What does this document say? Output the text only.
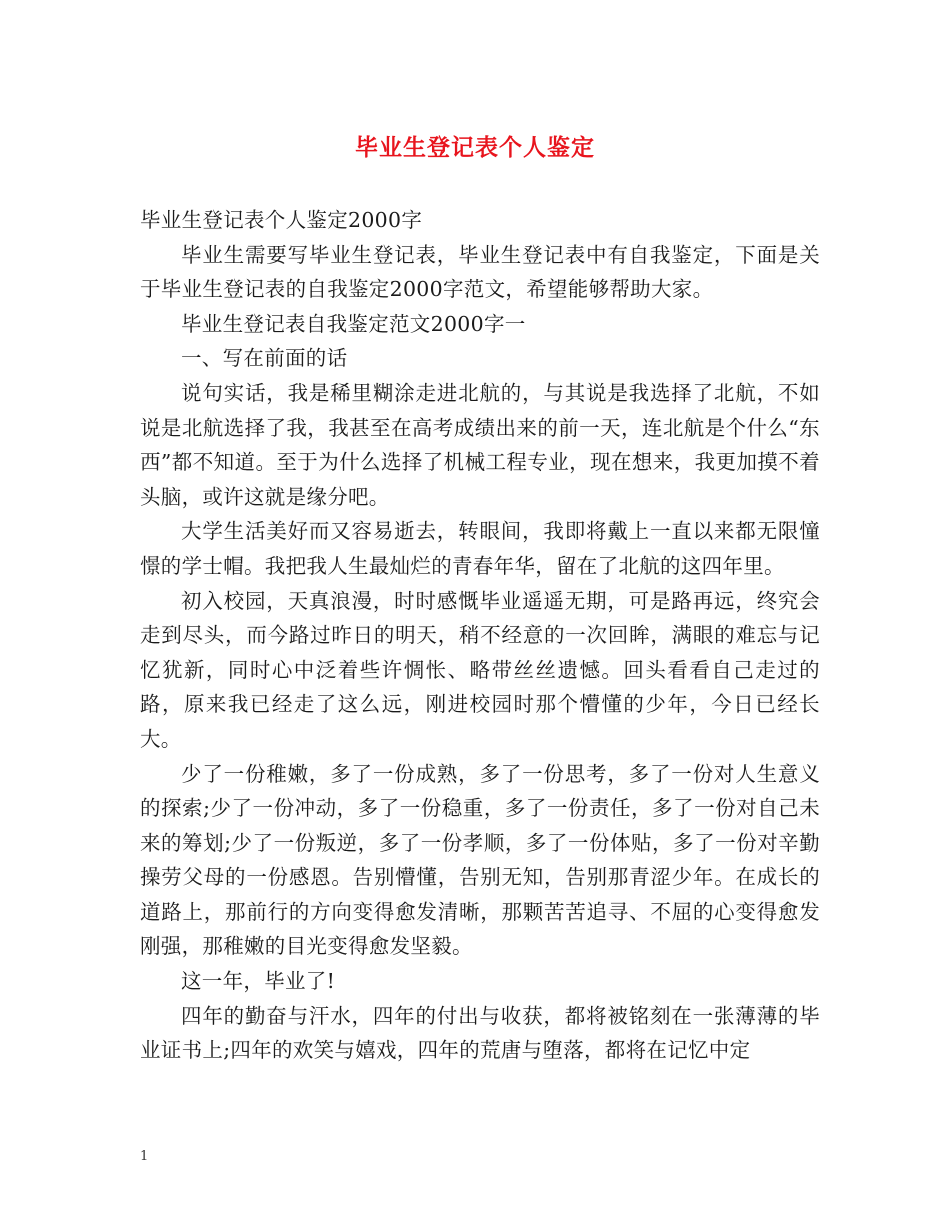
毕业生登记表个人鉴定

毕业生登记表个人鉴定2000字

毕业生需要写毕业生登记表，毕业生登记表中有自我鉴定，下面是关于毕业生登记表的自我鉴定2000字范文，希望能够帮助大家。

毕业生登记表自我鉴定范文2000字一

一、写在前面的话

说句实话，我是稀里糊涂走进北航的，与其说是我选择了北航，不如说是北航选择了我，我甚至在高考成绩出来的前一天，连北航是个什么“东西”都不知道。至于为什么选择了机械工程专业，现在想来，我更加摸不着头脑，或许这就是缘分吧。

大学生活美好而又容易逝去，转眼间，我即将戴上一直以来都无限憧憬的学士帽。我把我人生最灿烂的青春年华，留在了北航的这四年里。

初入校园，天真浪漫，时时感慨毕业遥遥无期，可是路再远，终究会走到尽头，而今路过昨日的明天，稍不经意的一次回眸，满眼的难忘与记忆犹新，同时心中泛着些许惆怅、略带丝丝遗憾。回头看看自己走过的路，原来我已经走了这么远，刚进校园时那个懵懂的少年，今日已经长大。

少了一份稚嫩，多了一份成熟，多了一份思考，多了一份对人生意义的探索;少了一份冲动，多了一份稳重，多了一份责任，多了一份对自己未来的筹划;少了一份叛逆，多了一份孝顺，多了一份体贴，多了一份对辛勤操劳父母的一份感恩。告别懵懂，告别无知，告别那青涩少年。在成长的道路上，那前行的方向变得愈发清晰，那颗苦苦追寻、不屈的心变得愈发刚强，那稚嫩的目光变得愈发坚毅。

这一年，毕业了!

四年的勤奋与汗水，四年的付出与收获，都将被铭刻在一张薄薄的毕业证书上;四年的欢笑与嬉戏，四年的荒唐与堕落，都将在记忆中定

1
